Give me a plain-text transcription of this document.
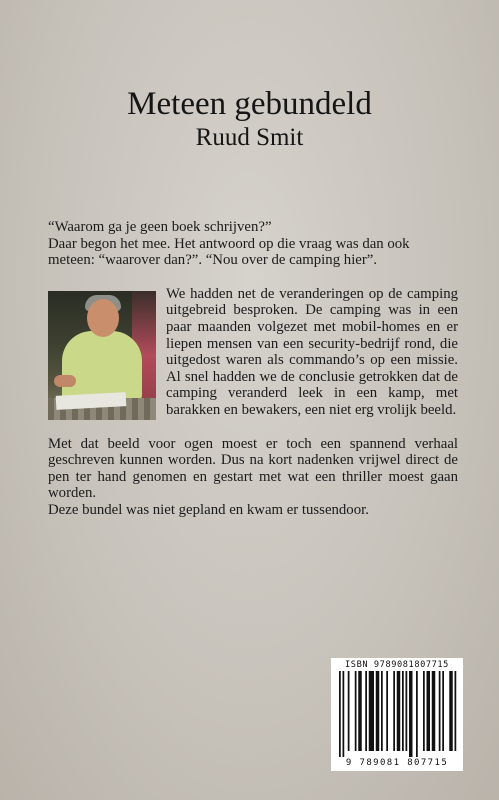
Meteen gebundeld
Ruud Smit

“Waarom ga je geen boek schrijven?”

Daar begon het mee. Het antwoord op die vraag was dan ook meteen: “waarover dan?”. “Nou over de camping hier”.

We hadden net de veranderingen op de camping uitgebreid besproken. De camping was in een paar maanden volgezet met mobil-homes en er liepen mensen van een security-bedrijf rond, die uitgedost waren als commando’s op een missie. Al snel hadden we de conclusie getrokken dat de camping veranderd leek in een kamp, met barakken en bewakers, een niet erg vrolijk beeld.

Met dat beeld voor ogen moest er toch een spannend verhaal geschreven kunnen worden. Dus na kort nadenken vrijwel direct de pen ter hand genomen en gestart met wat een thriller moest gaan worden.

Deze bundel was niet gepland en kwam er tussendoor.

ISBN 9789081807715
9 789081 807715
